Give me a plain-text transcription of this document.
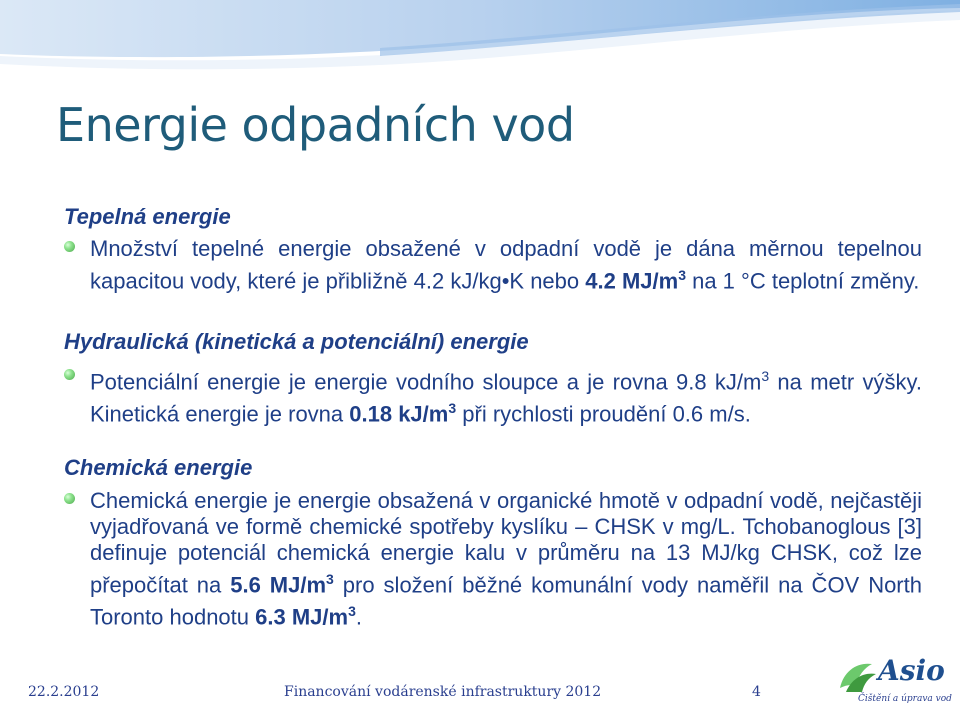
Energie odpadních vod
Tepelná energie

Množství tepelné energie obsažené v odpadní vodě je dána měrnou tepelnou kapacitou vody, které je přibližně 4.2 kJ/kg•K nebo 4.2 $MJ/m^3$ na 1 °C teplotní změny.

Hydraulická (kinetická a potenciální) energie

Potenciální energie je energie vodního sloupce a je rovna 9.8 $kJ/m^3$ na metr výšky. Kinetická energie je rovna 0.18 $kJ/m^3$ při rychlosti proudění 0.6 m/s.

Chemická energie

Chemická energie je energie obsažená v organické hmotě v odpadní vodě, nejčastěji vyjadřovaná ve formě chemické spotřeby kyslíku – CHSK v mg/L. Tchobanoglous [3] definuje potenciál chemická energie kalu v průměru na 13 MJ/kg CHSK, což lze přepočítat na 5.6 $MJ/m^3$ pro složení běžné komunální vody naměřil na ČOV North Toronto hodnotu 6.3 $MJ/m^3$.

22.2.2012	Financování vodárenské infrastruktury 2012	4
Asio
Čištění a úprava vod
